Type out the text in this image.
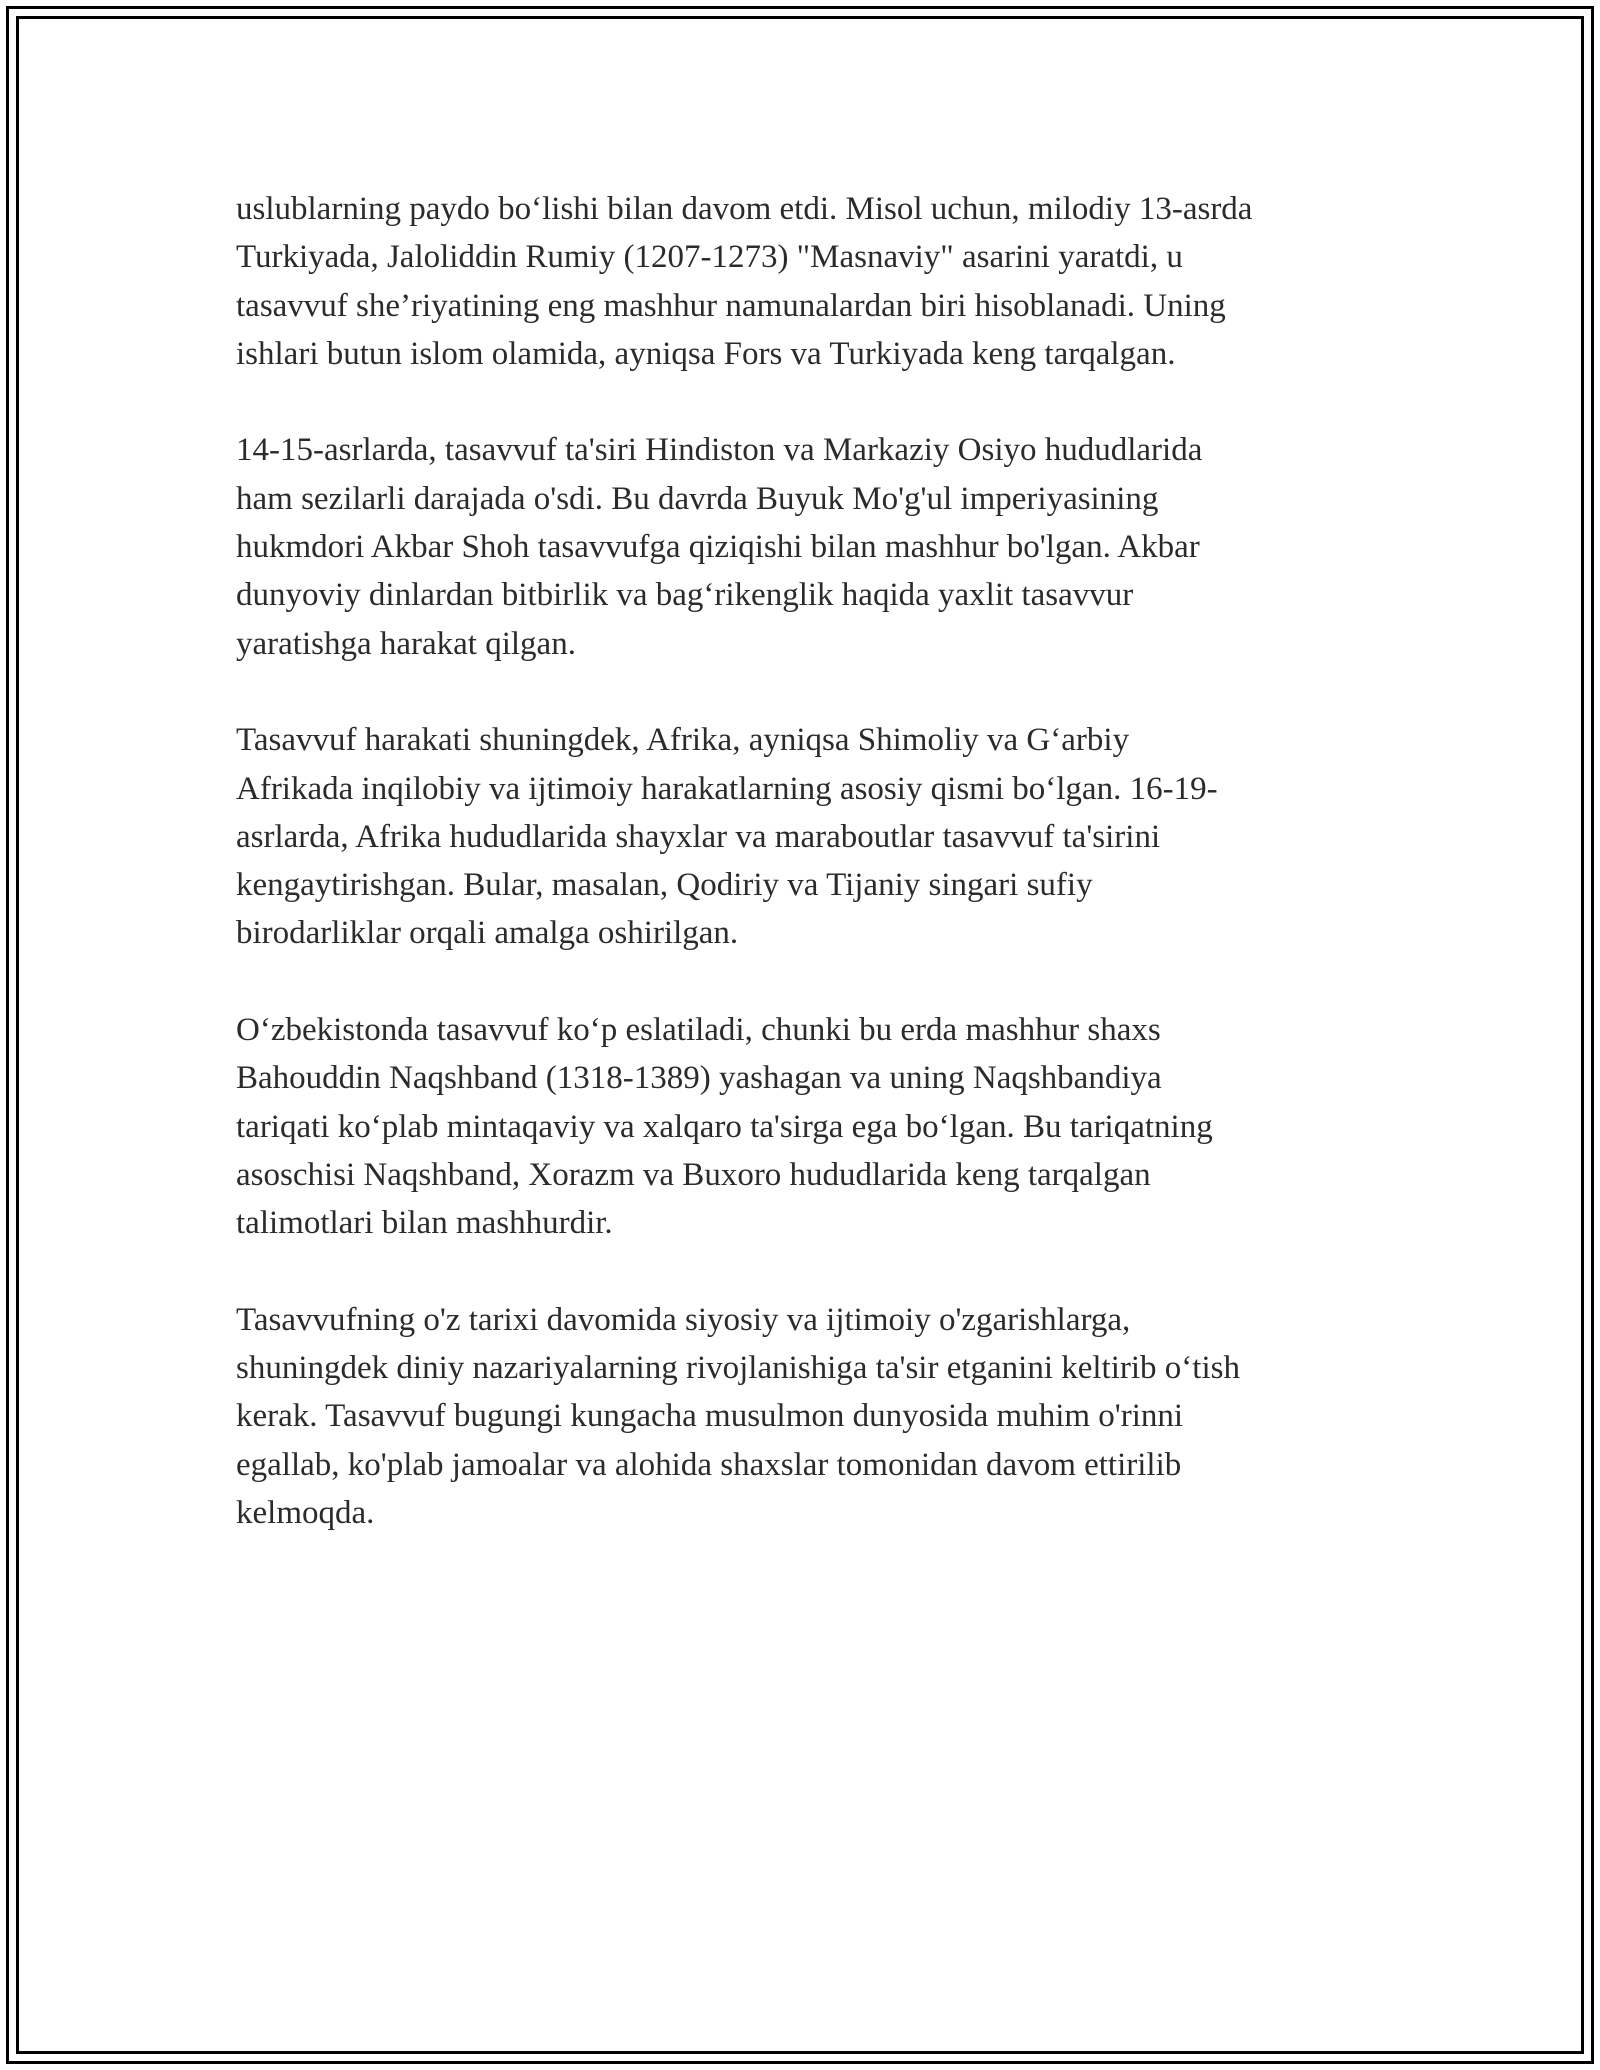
uslublarning paydo bo‘lishi bilan davom etdi. Misol uchun, milodiy 13-asrda
Turkiyada, Jaloliddin Rumiy (1207-1273) "Masnaviy" asarini yaratdi, u
tasavvuf she’riyatining eng mashhur namunalardan biri hisoblanadi. Uning
ishlari butun islom olamida, ayniqsa Fors va Turkiyada keng tarqalgan.

14-15-asrlarda, tasavvuf ta'siri Hindiston va Markaziy Osiyo hududlarida
ham sezilarli darajada o'sdi. Bu davrda Buyuk Mo'g'ul imperiyasining
hukmdori Akbar Shoh tasavvufga qiziqishi bilan mashhur bo'lgan. Akbar
dunyoviy dinlardan bitbirlik va bag‘rikenglik haqida yaxlit tasavvur
yaratishga harakat qilgan.

Tasavvuf harakati shuningdek, Afrika, ayniqsa Shimoliy va G‘arbiy
Afrikada inqilobiy va ijtimoiy harakatlarning asosiy qismi bo‘lgan. 16-19-
asrlarda, Afrika hududlarida shayxlar va maraboutlar tasavvuf ta'sirini
kengaytirishgan. Bular, masalan, Qodiriy va Tijaniy singari sufiy
birodarliklar orqali amalga oshirilgan.

O‘zbekistonda tasavvuf ko‘p eslatiladi, chunki bu erda mashhur shaxs
Bahouddin Naqshband (1318-1389) yashagan va uning Naqshbandiya
tariqati ko‘plab mintaqaviy va xalqaro ta'sirga ega bo‘lgan. Bu tariqatning
asoschisi Naqshband, Xorazm va Buxoro hududlarida keng tarqalgan
talimotlari bilan mashhurdir.

Tasavvufning o'z tarixi davomida siyosiy va ijtimoiy o'zgarishlarga,
shuningdek diniy nazariyalarning rivojlanishiga ta'sir etganini keltirib o‘tish
kerak. Tasavvuf bugungi kungacha musulmon dunyosida muhim o'rinni
egallab, ko'plab jamoalar va alohida shaxslar tomonidan davom ettirilib
kelmoqda.
